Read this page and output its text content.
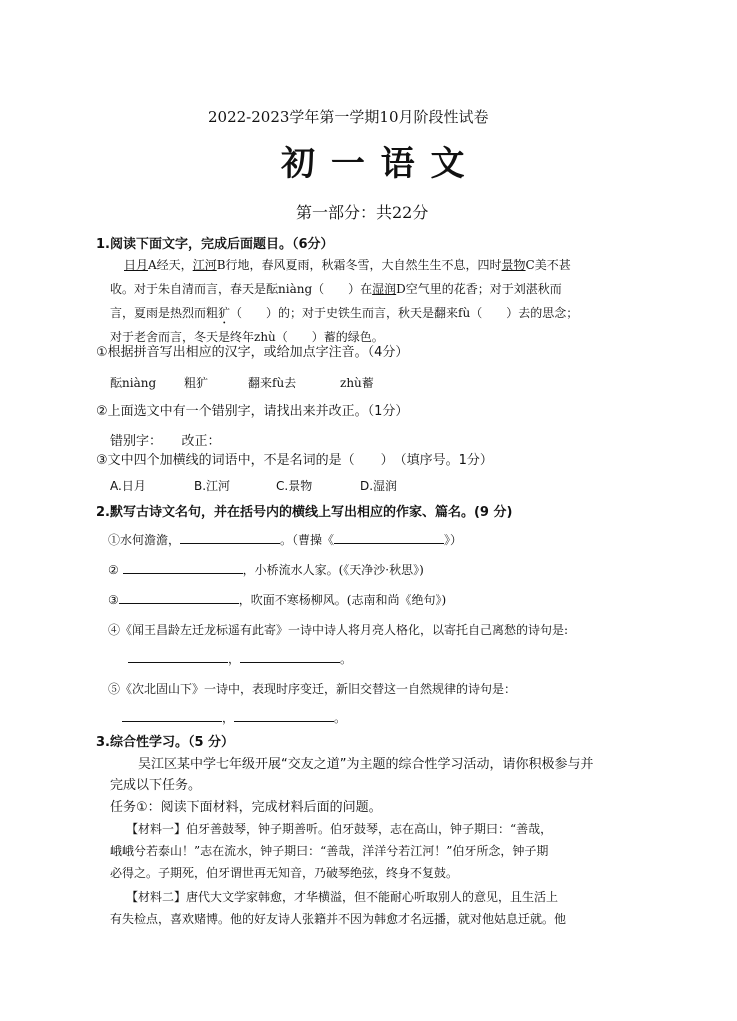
2022-2023学年第一学期10月阶段性试卷
初 一 语 文
第一部分：共22分
1.阅读下面文字，完成后面题目。（6分）
日月A经天，江河B行地，春风夏雨，秋霜冬雪，大自然生生不息，四时景物C美不甚
收。对于朱自清而言，春天是酝niàng（　　）在湿润D空气里的花香；对于刘湛秋而
言，夏雨是热烈而粗犷（　　）的；对于史铁生而言，秋天是翻来fù（　　）去的思念；
对于老舍而言，冬天是终年zhù（　　）蓄的绿色。
①根据拼音写出相应的汉字，或给加点字注音。（4分）
酝niàng 粗犷	翻来fù去	zhù蓄
②上面选文中有一个错别字，请找出来并改正。（1分）
错别字：　　改正：
③文中四个加横线的词语中，不是名词的是（　　）　（填序号。1分）
A.日月	B.江河	C.景物	D.湿润
2.默写古诗文名句，并在括号内的横线上写出相应的作家、篇名。(9 分)
①水何澹澹，	。（曹操《	》）
②	，小桥流水人家。(《天净沙·秋思》)
③	，吹面不寒杨柳风。(志南和尚《绝句》)
④《闻王昌龄左迁龙标遥有此寄》一诗中诗人将月亮人格化，以寄托自己离愁的诗句是:
，	。
⑤《次北固山下》一诗中，表现时序变迁，新旧交替这一自然规律的诗句是：
，	。
3.综合性学习。（5 分）
吴江区某中学七年级开展“交友之道”为主题的综合性学习活动，请你积极参与并
完成以下任务。
任务①：阅读下面材料，完成材料后面的问题。
【材料一】伯牙善鼓琴，钟子期善听。伯牙鼓琴，志在高山，钟子期曰：“善哉，
峨峨兮若泰山！”志在流水，钟子期曰：“善哉，洋洋兮若江河！”伯牙所念，钟子期
必得之。子期死，伯牙谓世再无知音，乃破琴绝弦，终身不复鼓。
【材料二】唐代大文学家韩愈，才华横溢，但不能耐心听取别人的意见，且生活上
有失检点，喜欢赌博。他的好友诗人张籍并不因为韩愈才名远播，就对他姑息迁就。他
